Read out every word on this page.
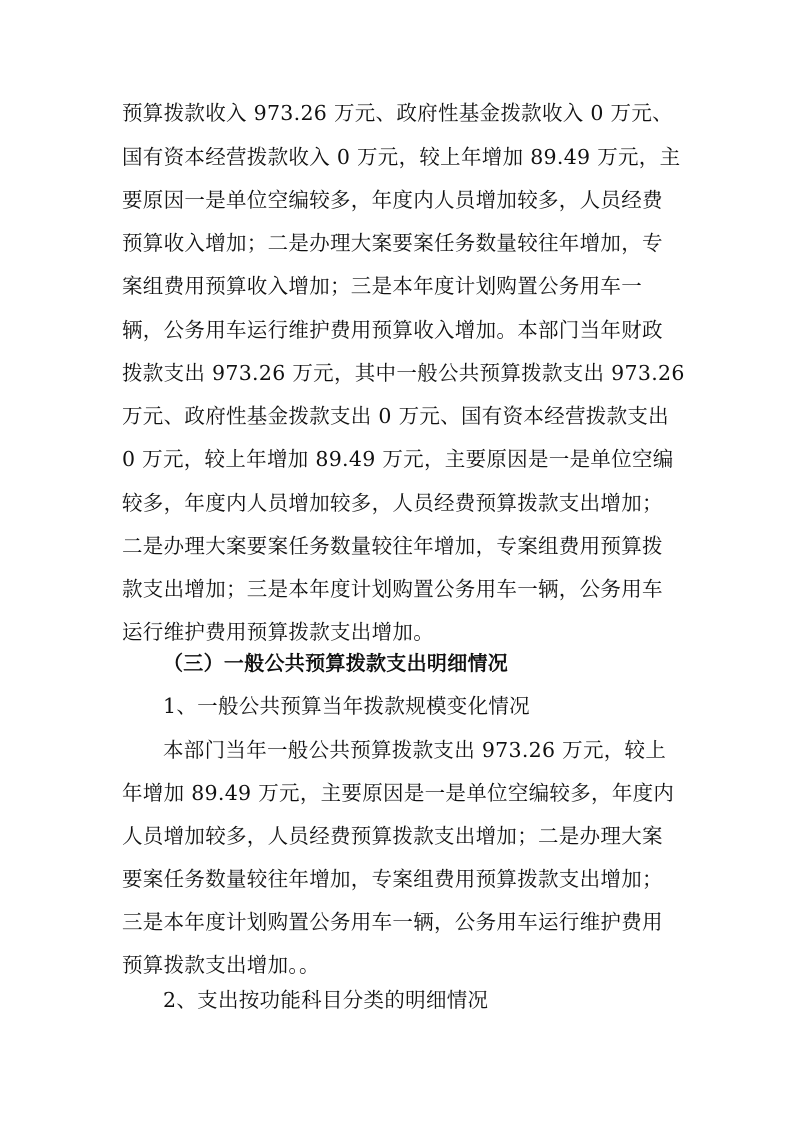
预算拨款收入 973.26 万元、政府性基金拨款收入 0 万元、
国有资本经营拨款收入 0 万元，较上年增加 89.49 万元，主
要原因一是单位空编较多，年度内人员增加较多，人员经费
预算收入增加；二是办理大案要案任务数量较往年增加，专
案组费用预算收入增加；三是本年度计划购置公务用车一
辆，公务用车运行维护费用预算收入增加。本部门当年财政
拨款支出 973.26 万元，其中一般公共预算拨款支出 973.26
万元、政府性基金拨款支出 0 万元、国有资本经营拨款支出
0 万元，较上年增加 89.49 万元，主要原因是一是单位空编
较多，年度内人员增加较多，人员经费预算拨款支出增加；
二是办理大案要案任务数量较往年增加，专案组费用预算拨
款支出增加；三是本年度计划购置公务用车一辆，公务用车
运行维护费用预算拨款支出增加。
（三）一般公共预算拨款支出明细情况
1、一般公共预算当年拨款规模变化情况
本部门当年一般公共预算拨款支出 973.26 万元，较上
年增加 89.49 万元，主要原因是一是单位空编较多，年度内
人员增加较多，人员经费预算拨款支出增加；二是办理大案
要案任务数量较往年增加，专案组费用预算拨款支出增加；
三是本年度计划购置公务用车一辆，公务用车运行维护费用
预算拨款支出增加。。
2、支出按功能科目分类的明细情况
